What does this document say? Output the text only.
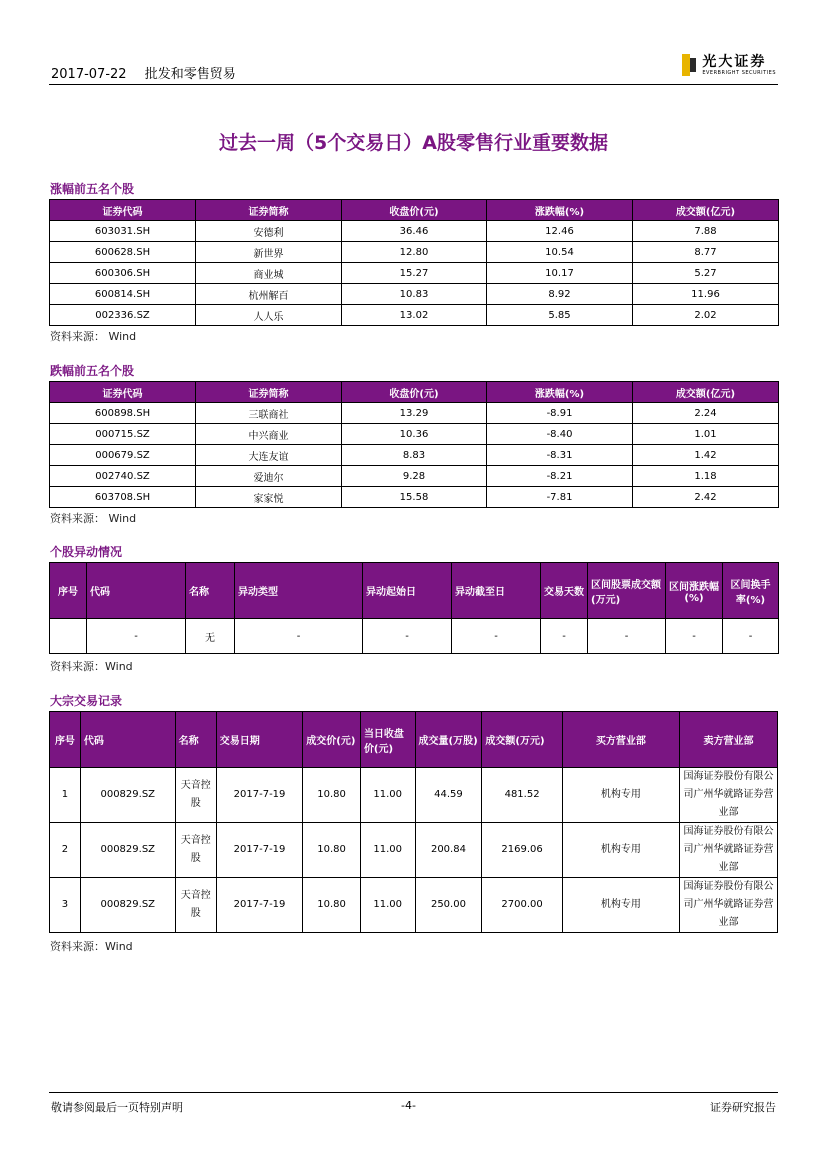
2017-07-22 批发和零售贸易
光大证券
EVERBRIGHT SECURITIES
过去一周（5个交易日）A股零售行业重要数据
涨幅前五名个股
证券代码	证券简称	收盘价(元)	涨跌幅(%)	成交额(亿元)
603031.SH	安德利	36.46	12.46	7.88
600628.SH	新世界	12.80	10.54	8.77
600306.SH	商业城	15.27	10.17	5.27
600814.SH	杭州解百	10.83	8.92	11.96
002336.SZ	人人乐	13.02	5.85	2.02
资料来源： Wind
跌幅前五名个股
证券代码	证券简称	收盘价(元)	涨跌幅(%)	成交额(亿元)
600898.SH	三联商社	13.29	-8.91	2.24
000715.SZ	中兴商业	10.36	-8.40	1.01
000679.SZ	大连友谊	8.83	-8.31	1.42
002740.SZ	爱迪尔	9.28	-8.21	1.18
603708.SH	家家悦	15.58	-7.81	2.42
资料来源： Wind
个股异动情况
序号	代码	名称	异动类型	异动起始日	异动截至日	交易天数	区间股票成交额(万元)	区间涨跌幅(%)	区间换手率(%)
	-	无	-	-	-	-	-	-	-
资料来源：Wind
大宗交易记录
序号	代码	名称	交易日期	成交价(元)	当日收盘价(元)	成交量(万股)	成交额(万元)	买方营业部	卖方营业部
1	000829.SZ	天音控股	2017-7-19	10.80	11.00	44.59	481.52	机构专用	国海证券股份有限公司广州华就路证券营业部
2	000829.SZ	天音控股	2017-7-19	10.80	11.00	200.84	2169.06	机构专用	国海证券股份有限公司广州华就路证券营业部
3	000829.SZ	天音控股	2017-7-19	10.80	11.00	250.00	2700.00	机构专用	国海证券股份有限公司广州华就路证券营业部
资料来源：Wind
敬请参阅最后一页特别声明	-4-	证券研究报告
